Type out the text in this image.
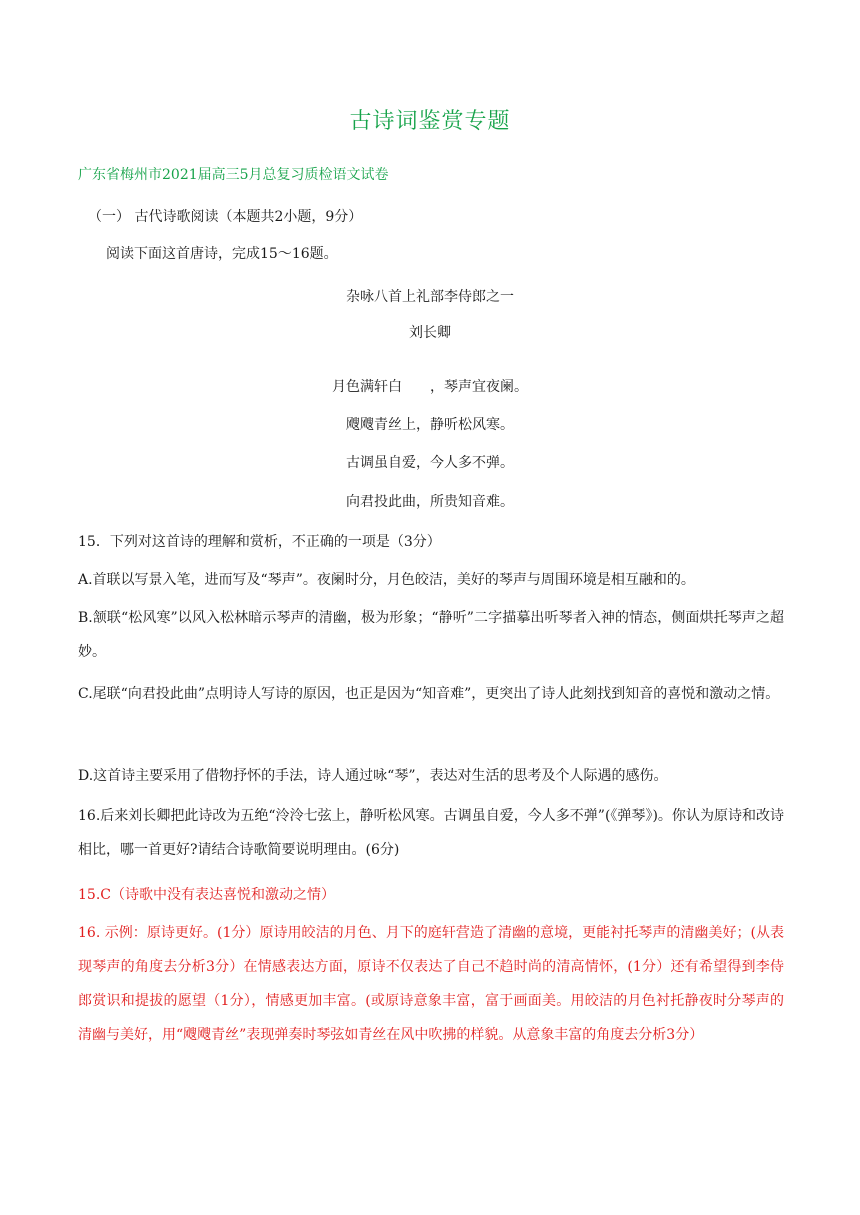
古诗词鉴赏专题
广东省梅州市2021届高三5月总复习质检语文试卷
（一） 古代诗歌阅读（本题共2小题，9分）
阅读下面这首唐诗，完成15～16题。
杂咏八首上礼部李侍郎之一
刘长卿
月色满轩白　　，琴声宜夜阑。
飕飕青丝上，静听松风寒。
古调虽自爱，今人多不弹。
向君投此曲，所贵知音难。
15．下列对这首诗的理解和赏析，不正确的一项是（3分）
A.首联以写景入笔，进而写及“琴声”。夜阑时分，月色皎洁，美好的琴声与周围环境是相互融和的。
B.颔联“松风寒”以风入松林暗示琴声的清幽，极为形象；“静听”二字描摹出听琴者入神的情态，侧面烘托琴声之超妙。
C.尾联“向君投此曲”点明诗人写诗的原因，也正是因为“知音难”，更突出了诗人此刻找到知音的喜悦和激动之情。
D.这首诗主要采用了借物抒怀的手法，诗人通过咏“琴”，表达对生活的思考及个人际遇的感伤。
16.后来刘长卿把此诗改为五绝“泠泠七弦上，静听松风寒。古调虽自爱，今人多不弹”(《弹琴》)。你认为原诗和改诗相比，哪一首更好?请结合诗歌简要说明理由。(6分)
15.C（诗歌中没有表达喜悦和激动之情）
16. 示例：原诗更好。(1分）原诗用皎洁的月色、月下的庭轩营造了清幽的意境，更能衬托琴声的清幽美好；(从表现琴声的角度去分析3分）在情感表达方面，原诗不仅表达了自己不趋时尚的清高情怀，(1分）还有希望得到李侍郎赏识和提拔的愿望（1分），情感更加丰富。(或原诗意象丰富，富于画面美。用皎洁的月色衬托静夜时分琴声的清幽与美好，用“飕飕青丝”表现弹奏时琴弦如青丝在风中吹拂的样貌。从意象丰富的角度去分析3分）
